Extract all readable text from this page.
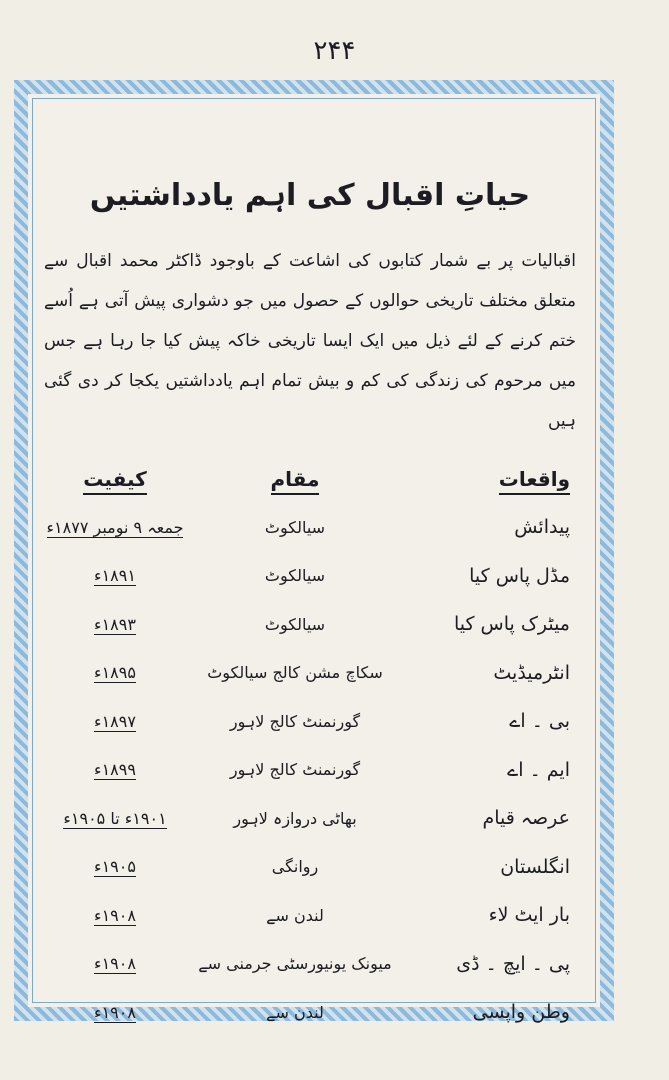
۲۴۴
حیاتِ اقبال کی اہم یادداشتیں
اقبالیات پر بے شمار کتابوں کی اشاعت کے باوجود ڈاکٹر محمد اقبال سے متعلق مختلف تاریخی حوالوں کے حصول میں جو دشواری پیش آتی ہے اُسے ختم کرنے کے لئے ذیل میں ایک ایسا تاریخی خاکہ پیش کیا جا رہا ہے جس میں مرحوم کی زندگی کی کم و بیش تمام اہم یادداشتیں یکجا کر دی گئی ہیں
واقعات
مقام
کیفیت
پیدائش
سیالکوٹ
جمعہ ۹ نومبر ۱۸۷۷ء
مڈل پاس کیا
سیالکوٹ
۱۸۹۱ء
میٹرک پاس کیا
سیالکوٹ
۱۸۹۳ء
انٹرمیڈیٹ
سکاچ مشن کالج سیالکوٹ
۱۸۹۵ء
بی ۔ اے
گورنمنٹ کالج لاہور
۱۸۹۷ء
ایم ۔ اے
گورنمنٹ کالج لاہور
۱۸۹۹ء
عرصہ قیام
بھاٹی دروازہ لاہور
۱۹۰۱ء تا ۱۹۰۵ء
انگلستان
روانگی
۱۹۰۵ء
بار ایٹ لاء
لندن سے
۱۹۰۸ء
پی ۔ ایچ ۔ ڈی
میونک یونیورسٹی جرمنی سے
۱۹۰۸ء
وطن واپسی
لندن سے
۱۹۰۸ء
